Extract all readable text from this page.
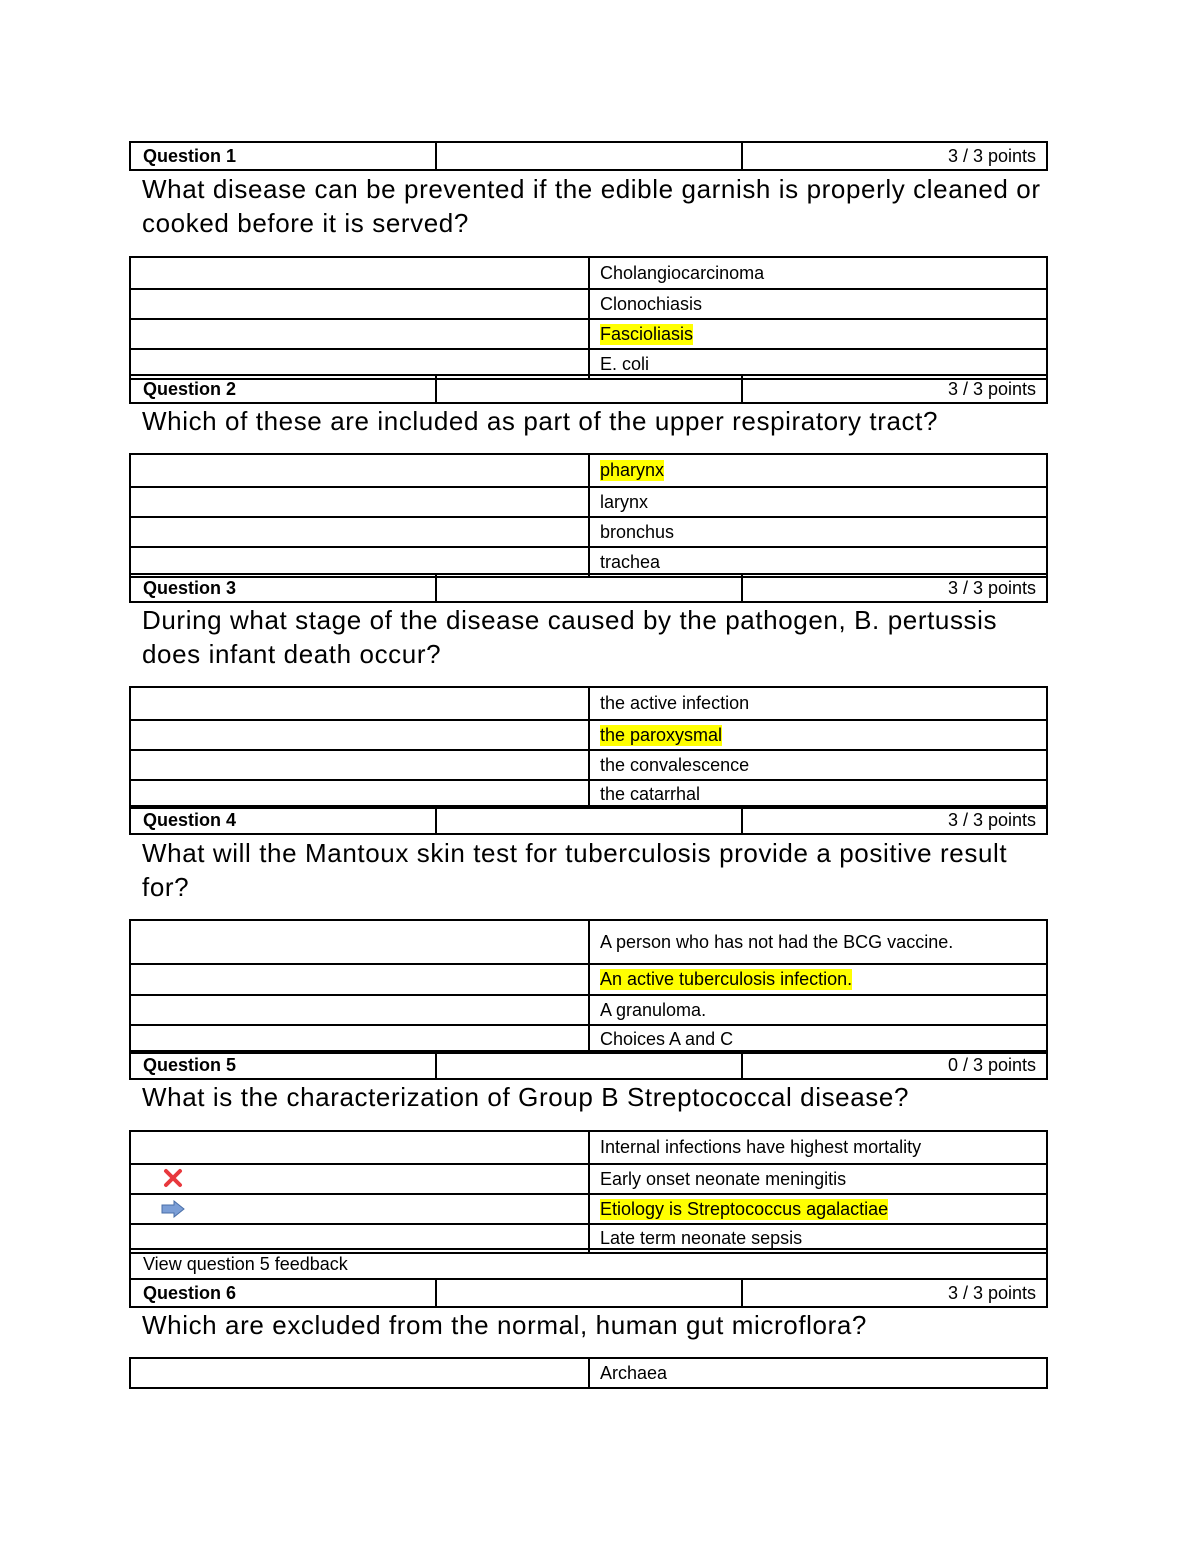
Question 1	3 / 3 points
What disease can be prevented if the edible garnish is properly cleaned or cooked before it is served?
Cholangiocarcinoma
Clonochiasis
Fascioliasis
E. coli
Question 2	3 / 3 points
Which of these are included as part of the upper respiratory tract?
pharynx
larynx
bronchus
trachea
Question 3	3 / 3 points
During what stage of the disease caused by the pathogen, B. pertussis does infant death occur?
the active infection
the paroxysmal
the convalescence
the catarrhal
Question 4	3 / 3 points
What will the Mantoux skin test for tuberculosis provide a positive result for?
A person who has not had the BCG vaccine.
An active tuberculosis infection.
A granuloma.
Choices A and C
Question 5	0 / 3 points
What is the characterization of Group B Streptococcal disease?
Internal infections have highest mortality
Early onset neonate meningitis
Etiology is Streptococcus agalactiae
Late term neonate sepsis
View question 5 feedback
Question 6	3 / 3 points
Which are excluded from the normal, human gut microflora?
Archaea
